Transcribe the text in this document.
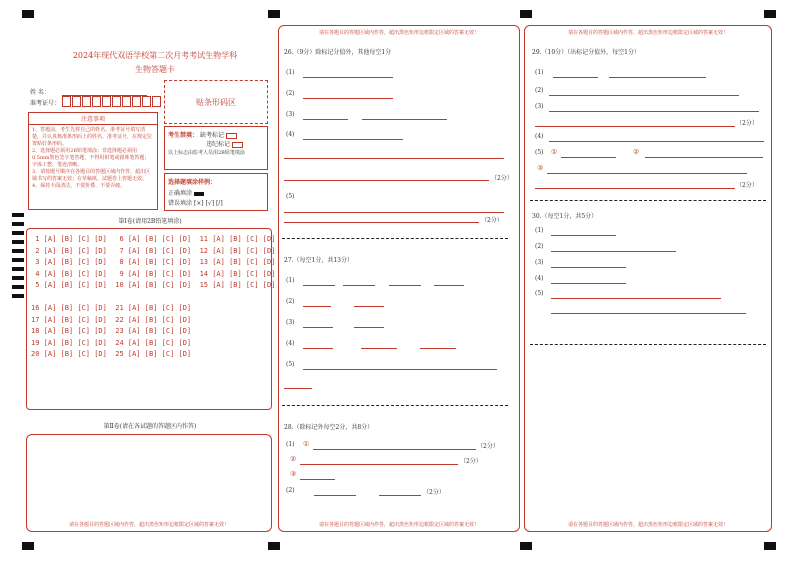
2024年现代双语学校第二次月考考试生物学科
生物答题卡
姓 名：
准考证号：	贴条形码区
注意事项
1、答题前，考生先将自己的姓名、准考证号填写清楚，并认真核准条形码上的姓名、准考证号，在规定位置贴好条形码。
2、选择题必须用2B铅笔填涂；非选择题必须用0.5mm黑色签字笔答题，不得用铅笔或圆珠笔答题；字体工整、笔迹清晰。
3、请按题号顺序在各题目的答题区域内作答，超出区域书写的答案无效；在草稿纸、试题卷上答题无效。
4、保持卡面清洁，不要折叠、不要弄破。
考生禁填： 缺考标记
违纪标记
以上标志由监考人员用2B铅笔填涂
选择题填涂样例：
正确填涂
错误填涂 [×] [√] [/]
第Ⅰ卷(请用2B铅笔填涂)
1 [A] [B] [C] [D]   6 [A] [B] [C] [D]  11 [A] [B] [C] [D]
2 [A] [B] [C] [D]   7 [A] [B] [C] [D]  12 [A] [B] [C] [D]
3 [A] [B] [C] [D]   8 [A] [B] [C] [D]  13 [A] [B] [C] [D]
4 [A] [B] [C] [D]   9 [A] [B] [C] [D]  14 [A] [B] [C] [D]
5 [A] [B] [C] [D]  10 [A] [B] [C] [D]  15 [A] [B] [C] [D]
16 [A] [B] [C] [D]  21 [A] [B] [C] [D]
17 [A] [B] [C] [D]  22 [A] [B] [C] [D]
18 [A] [B] [C] [D]  23 [A] [B] [C] [D]
19 [A] [B] [C] [D]  24 [A] [B] [C] [D]
20 [A] [B] [C] [D]  25 [A] [B] [C] [D]
第Ⅱ卷(请在各试题的答题区内作答)
请在各题目的答题区域内作答，超出黑色矩形边框限定区域的答案无效！
请在各题目的答题区域内作答，超出黑色矩形边框限定区域的答案无效！
请在各题目的答题区域内作答，超出黑色矩形边框限定区域的答案无效！
26.（9分）除标记分值外，其他每空1分
(1)
(2)
(3)
(4)
（2分）
(5)
（2分）
27.（每空1分，共13分）
(1)
(2)
(3)
(4)
(5)
28.（除标记外每空2分，共8分）
(1) ①	（2分）
②	（2分）
③
(2)	（2分）
请在各题目的答题区域内作答，超出黑色矩形边框限定区域的答案无效！
请在各题目的答题区域内作答，超出黑色矩形边框限定区域的答案无效！
29.（10分）（出标记分值外，每空1分）
(1)
(2)
(3)
（2分）
(4)
(5) ①	②
③
（2分）
30.（每空1分，共5分）
(1)
(2)
(3)
(4)
(5)
